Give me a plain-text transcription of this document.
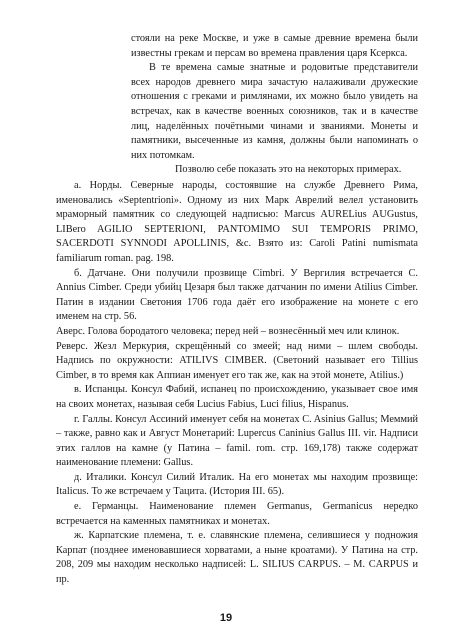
стояли на реке Москве, и уже в самые древние времена были известны грекам и персам во времена правления царя Ксеркса.

В те времена самые знатные и родовитые представители всех народов древнего мира зачастую налаживали дружеские отношения с греками и римлянами, их можно было увидеть на встречах, как в качестве военных союзников, так и в качестве лиц, наделённых почётными чинами и званиями. Монеты и памятники, высеченные из камня, должны были напоминать о них потомкам.

Позволю себе показать это на некоторых примерах.

а. Норды. Северные народы, состоявшие на службе Древнего Рима, именовались «Septentrioni». Одному из них Марк Аврелий велел установить мраморный памятник со следующей надписью: Marcus AURELius AUGustus, LIBero AGILIO SEPTERIONI, PANTOMIMO SUI TEMPORIS PRIMO, SACERDOTI SYNNODI APOLLINIS, &c. Взято из: Caroli Patini numismata familiarum roman. pag. 198.

б. Датчане. Они получили прозвище Cimbri. У Вергилия встречается C. Annius Cimber. Среди убийц Цезаря был также датчанин по имени Atilius Cimber. Патин в издании Светония 1706 года даёт его изображение на монете с его именем на стр. 56.

Аверс. Голова бородатого человека; перед ней – вознесённый меч или клинок.

Реверс. Жезл Меркурия, скрещённый со змеей; над ними – шлем свободы. Надпись по окружности: ATILIVS CIMBER. (Светоний называет его Tillius Cimber, в то время как Аппиан именует его так же, как на этой монете, Atilius.)

в. Испанцы. Консул Фабий, испанец по происхождению, указывает свое имя на своих монетах, называя себя Lucius Fabius, Luci filius, Hispanus.

г. Галлы. Консул Ассиний именует себя на монетах C. Asinius Gallus; Меммий – также, равно как и Август Монетарий: Lupercus Caninius Gallus III. vir. Надписи этих галлов на камне (у Патина – famil. rom. стр. 169,178) также содержат наименование племени: Gallus.

д. Италики. Консул Силий Италик. На его монетах мы находим прозвище: Italicus. То же встречаем у Тацита. (История III. 65).

е. Германцы. Наименование племен Germanus, Germanicus нередко встречается на каменных памятниках и монетах.

ж. Карпатские племена, т. е. славянские племена, селившиеся у подножия Карпат (позднее именовавшиеся хорватами, а ныне кроатами). У Патина на стр. 208, 209 мы находим несколько надписей: L. SILIUS CARPUS. – M. CARPUS и пр.

19
